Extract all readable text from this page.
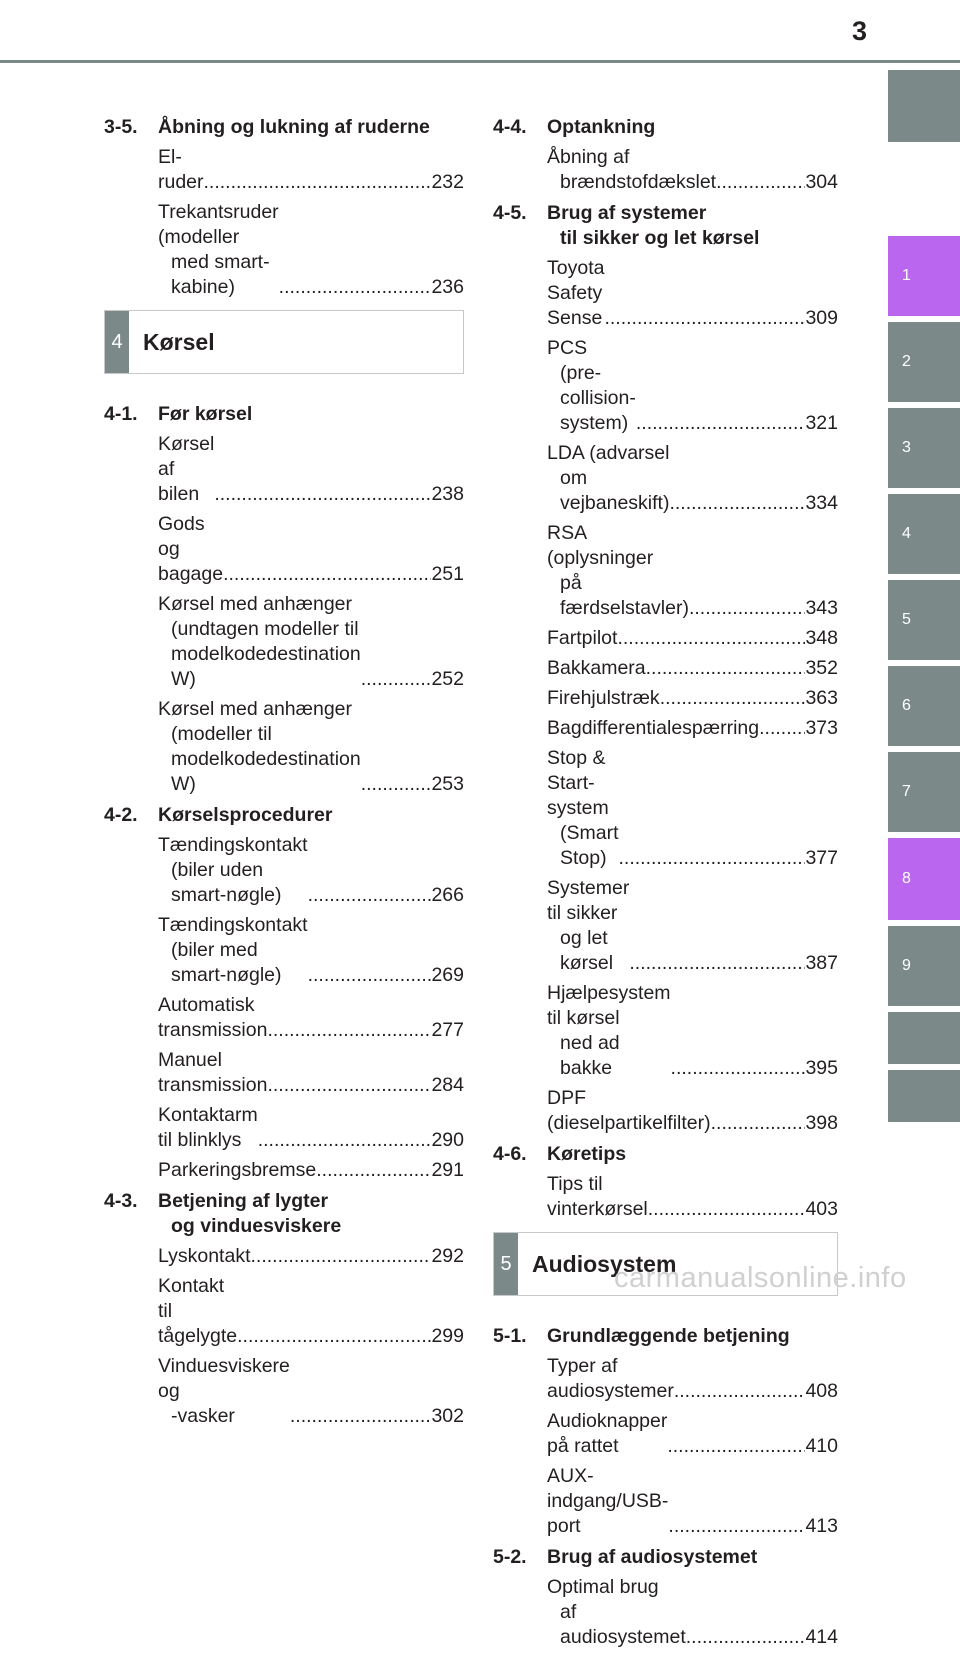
3
1
2
3
4
5
6
7
8
9
3-5. Åbning og lukning af ruderne
El-ruder .....	232
Trekantsruder (modeller
med smart-kabine) .....	236
4 Kørsel
4-1. Før kørsel
Kørsel af bilen .....	238
Gods og bagage .....	251
Kørsel med anhænger
(undtagen modeller til
modelkodedestination
W) .....	252
Kørsel med anhænger
(modeller til
modelkodedestination
W) .....	253
4-2. Kørselsprocedurer
Tændingskontakt
(biler uden smart-nøgle) .....	266
Tændingskontakt
(biler med smart-nøgle) .....	269
Automatisk transmission .....	277
Manuel transmission .....	284
Kontaktarm til blinklys .....	290
Parkeringsbremse .....	291
4-3. Betjening af lygter
og vinduesviskere
Lyskontakt .....	292
Kontakt til tågelygte .....	299
Vinduesviskere og
-vasker .....	302
4-4. Optankning
Åbning af
brændstofdækslet .....	304
4-5. Brug af systemer
til sikker og let kørsel
Toyota Safety Sense .....	309
PCS
(pre-collision-system) .....	321
LDA (advarsel
om vejbaneskift) .....	334
RSA (oplysninger
på færdselstavler) .....	343
Fartpilot .....	348
Bakkamera .....	352
Firehjulstræk .....	363
Bagdifferentialespærring ..... 373
Stop & Start-system
(Smart Stop) .....	377
Systemer til sikker
og let kørsel .....	387
Hjælpesystem til kørsel
ned ad bakke .....	395
DPF (dieselpartikelfilter) .....	398
4-6. Køretips
Tips til vinterkørsel .....	403
5 Audiosystem
5-1. Grundlæggende betjening
Typer af audiosystemer .....	408
Audioknapper på rattet .....	410
AUX-indgang/USB-port .....	413
5-2. Brug af audiosystemet
Optimal brug
af audiosystemet .....	414
carmanualsonline.info
